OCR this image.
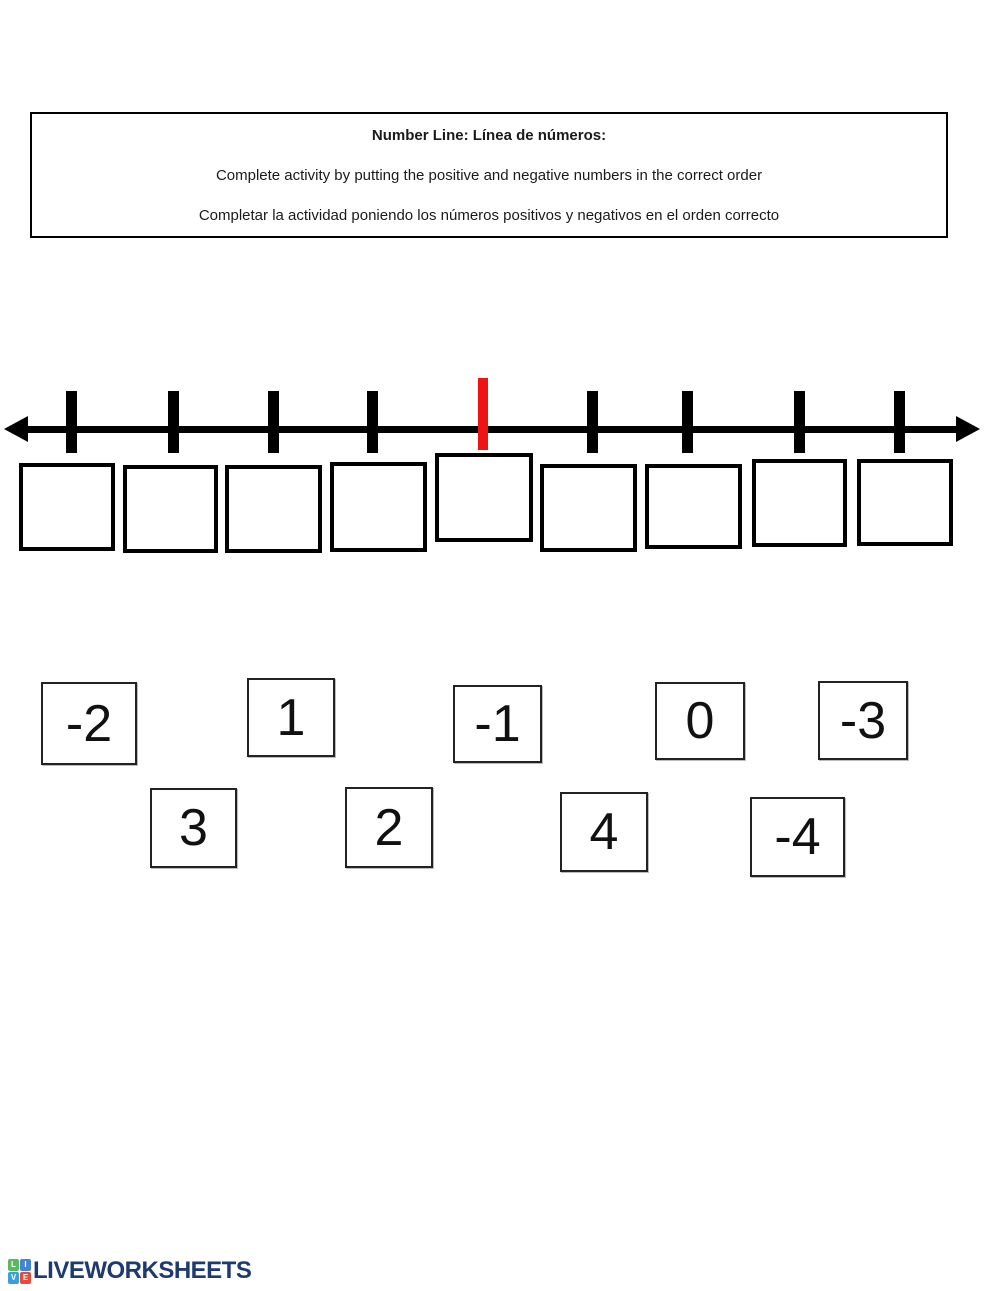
Number Line: Línea de números:
Complete activity by putting the positive and negative numbers in the correct order
Completar la actividad poniendo los números positivos y negativos en el orden correcto
-2	1	-1	0	-3
3	2	4	-4
L	I
V E LIVEWORKSHEETS
